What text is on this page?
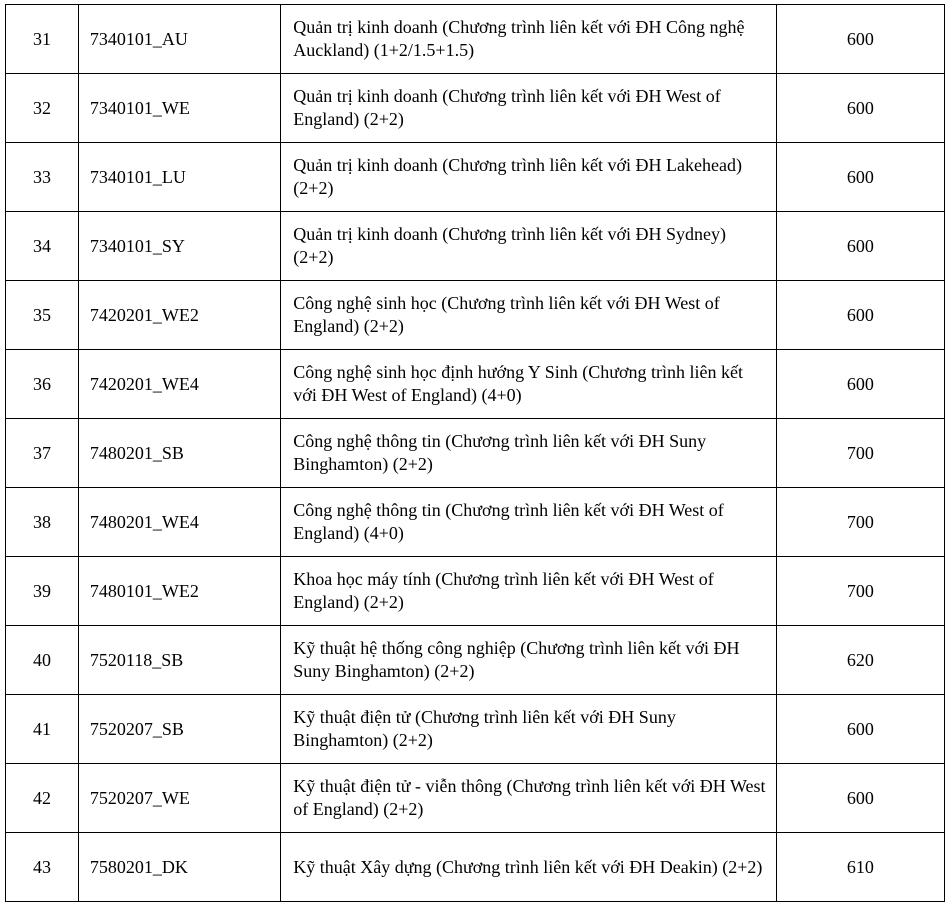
31	7340101_AU	Quản trị kinh doanh (Chương trình liên kết với ĐH Công nghệ Auckland) (1+2/1.5+1.5)	600
32	7340101_WE	Quản trị kinh doanh (Chương trình liên kết với ĐH West of England) (2+2)	600
33	7340101_LU	Quản trị kinh doanh (Chương trình liên kết với ĐH Lakehead) (2+2)	600
34	7340101_SY	Quản trị kinh doanh (Chương trình liên kết với ĐH Sydney) (2+2)	600
35	7420201_WE2	Công nghệ sinh học (Chương trình liên kết với ĐH West of England) (2+2)	600
36	7420201_WE4	Công nghệ sinh học định hướng Y Sinh (Chương trình liên kết với ĐH West of England) (4+0)	600
37	7480201_SB	Công nghệ thông tin (Chương trình liên kết với ĐH Suny Binghamton) (2+2)	700
38	7480201_WE4	Công nghệ thông tin (Chương trình liên kết với ĐH West of England) (4+0)	700
39	7480101_WE2	Khoa học máy tính (Chương trình liên kết với ĐH West of England) (2+2)	700
40	7520118_SB	Kỹ thuật hệ thống công nghiệp (Chương trình liên kết với ĐH Suny Binghamton) (2+2)	620
41	7520207_SB	Kỹ thuật điện tử (Chương trình liên kết với ĐH Suny Binghamton) (2+2)	600
42	7520207_WE	Kỹ thuật điện tử - viễn thông (Chương trình liên kết với ĐH West of England) (2+2)	600
43	7580201_DK	Kỹ thuật Xây dựng (Chương trình liên kết với ĐH Deakin) (2+2)	610
